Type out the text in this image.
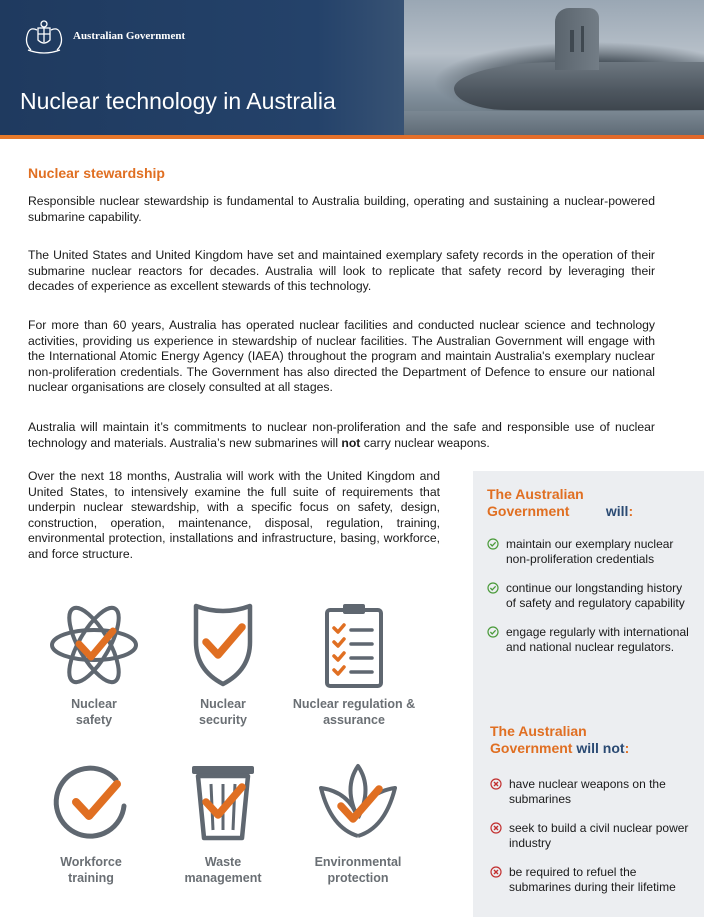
Australian Government
Nuclear technology in Australia
Nuclear stewardship

Responsible nuclear stewardship is fundamental to Australia building, operating and sustaining a nuclear-powered submarine capability.

The United States and United Kingdom have set and maintained exemplary safety records in the operation of their submarine nuclear reactors for decades. Australia will look to replicate that safety record by leveraging their decades of experience as excellent stewards of this technology.

For more than 60 years, Australia has operated nuclear facilities and conducted nuclear science and technology activities, providing us experience in stewardship of nuclear facilities. The Australian Government will engage with the International Atomic Energy Agency (IAEA) throughout the program and maintain Australia's exemplary nuclear non-proliferation credentials. The Government has also directed the Department of Defence to ensure our national nuclear organisations are closely consulted at all stages.

Australia will maintain it’s commitments to nuclear non-proliferation and the safe and responsible use of nuclear technology and materials. Australia’s new submarines will not carry nuclear weapons.

Over the next 18 months, Australia will work with the United Kingdom and United States, to intensively examine the full suite of requirements that underpin nuclear stewardship, with a specific focus on safety, design, construction, operation, maintenance, disposal, regulation, training, environmental protection, installations and infrastructure, basing, workforce, and force structure.

Nuclear
safety
Nuclear
security
Nuclear regulation &
assurance
Workforce
training
Waste
management
Environmental
protection
The Australian Government	will:
maintain our exemplary nuclear non-proliferation credentials
continue our longstanding history of safety and regulatory capability
engage regularly with international and national nuclear regulators.
The Australian
Government will not:
have nuclear weapons on the submarines
seek to build a civil nuclear power industry
be required to refuel the submarines during their lifetime
